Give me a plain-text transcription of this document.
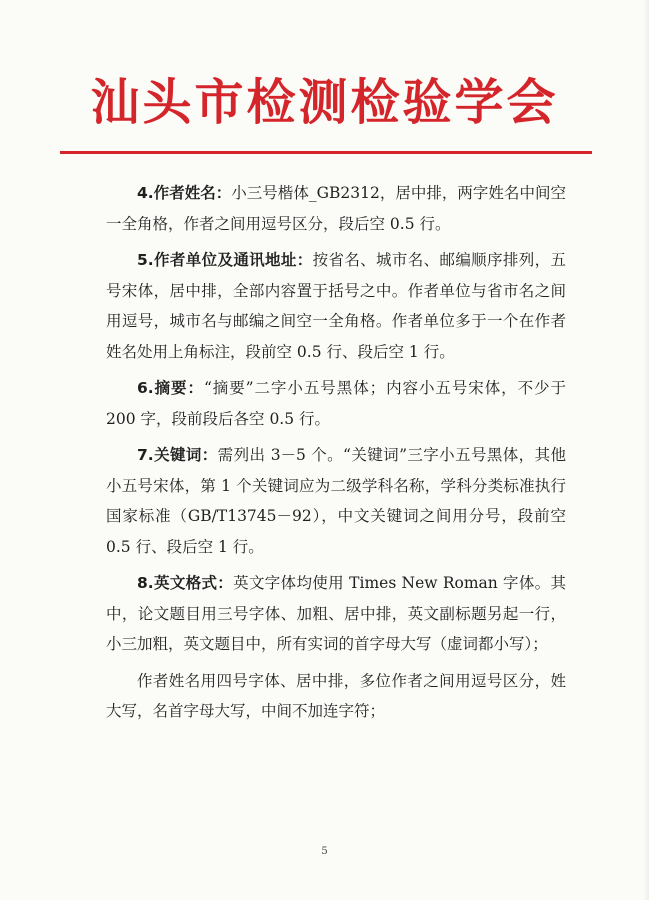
汕头市检测检验学会

4.作者姓名：小三号楷体_GB2312，居中排，两字姓名中间空一全角格，作者之间用逗号区分，段后空 0.5 行。

5.作者单位及通讯地址：按省名、城市名、邮编顺序排列，五号宋体，居中排，全部内容置于括号之中。作者单位与省市名之间用逗号，城市名与邮编之间空一全角格。作者单位多于一个在作者姓名处用上角标注，段前空 0.5 行、段后空 1 行。

6.摘要：“摘要”二字小五号黑体；内容小五号宋体，不少于 200 字，段前段后各空 0.5 行。

7.关键词：需列出 3－5 个。“关键词”三字小五号黑体，其他小五号宋体，第 1 个关键词应为二级学科名称，学科分类标准执行国家标准（GB/T13745－92），中文关键词之间用分号，段前空 0.5 行、段后空 1 行。

8.英文格式：英文字体均使用 Times New Roman 字体。其中，论文题目用三号字体、加粗、居中排，英文副标题另起一行，小三加粗，英文题目中，所有实词的首字母大写（虚词都小写）；

作者姓名用四号字体、居中排，多位作者之间用逗号区分，姓大写，名首字母大写，中间不加连字符；

5
